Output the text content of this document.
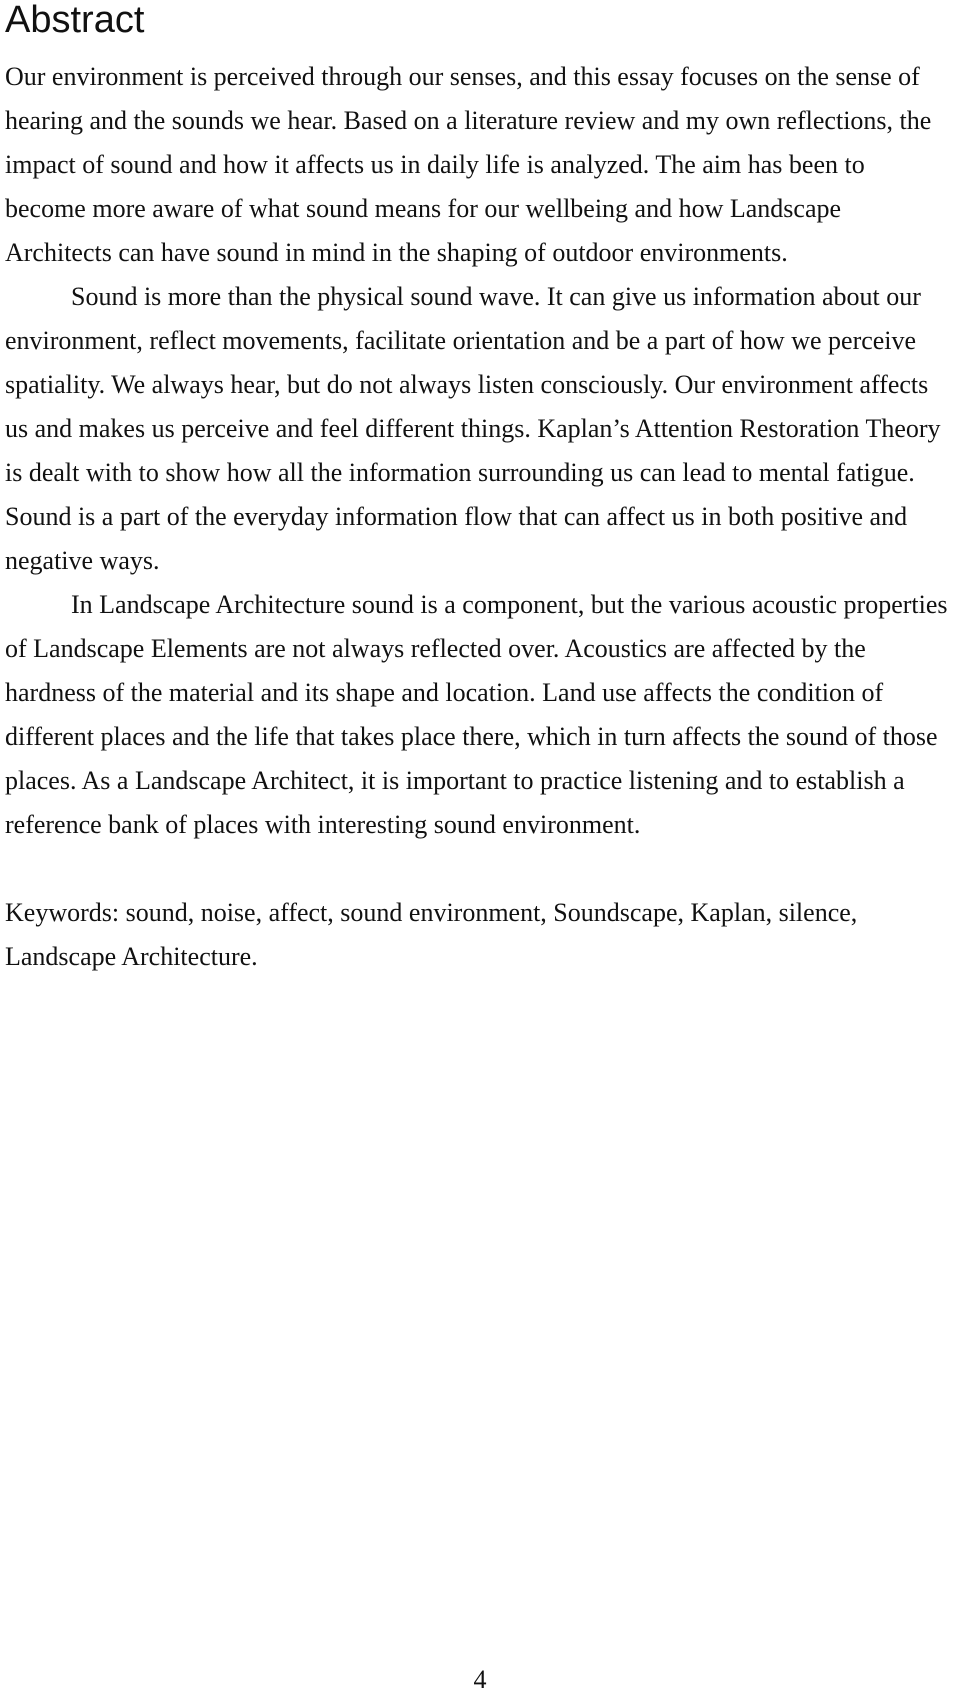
Abstract

Our environment is perceived through our senses, and this essay focuses on the sense of hearing and the sounds we hear. Based on a literature review and my own reflections, the impact of sound and how it affects us in daily life is analyzed. The aim has been to become more aware of what sound means for our wellbeing and how Landscape Architects can have sound in mind in the shaping of outdoor environments.

Sound is more than the physical sound wave. It can give us information about our environment, reflect movements, facilitate orientation and be a part of how we perceive spatiality. We always hear, but do not always listen consciously. Our environment affects us and makes us perceive and feel different things. Kaplan’s Attention Restoration Theory is dealt with to show how all the information surrounding us can lead to mental fatigue. Sound is a part of the everyday information flow that can affect us in both positive and negative ways.

In Landscape Architecture sound is a component, but the various acoustic properties of Landscape Elements are not always reflected over. Acoustics are affected by the hardness of the material and its shape and location. Land use affects the condition of different places and the life that takes place there, which in turn affects the sound of those places. As a Landscape Architect, it is important to practice listening and to establish a reference bank of places with interesting sound environment.

Keywords: sound, noise, affect, sound environment, Soundscape, Kaplan, silence, Landscape Architecture.

4
